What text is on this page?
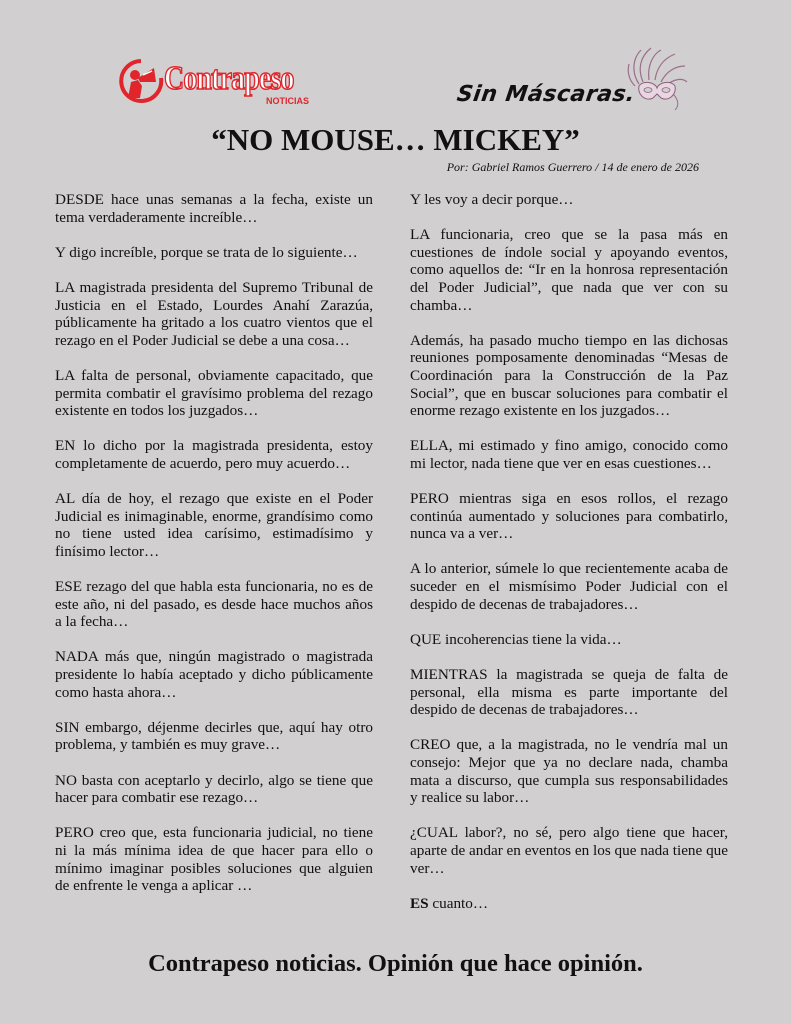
Contrapeso
NOTICIAS	Sin Máscaras.
“NO MOUSE… MICKEY”
Por: Gabriel Ramos Guerrero / 14 de enero de 2026

DESDE hace unas semanas a la fecha, existe un tema verdaderamente increíble…

Y digo increíble, porque se trata de lo siguiente…

LA magistrada presidenta del Supremo Tribunal de Justicia en el Estado, Lourdes Anahí Zarazúa, públicamente ha gritado a los cuatro vientos que el rezago en el Poder Judicial se debe a una cosa…

LA falta de personal, obviamente capacitado, que permita combatir el gravísimo problema del rezago existente en todos los juzgados…

EN lo dicho por la magistrada presidenta, estoy completamente de acuerdo, pero muy acuerdo…

AL día de hoy, el rezago que existe en el Poder Judicial es inimaginable, enorme, grandísimo como no tiene usted idea carísimo, estimadísimo y finísimo lector…

ESE rezago del que habla esta funcionaria, no es de este año, ni del pasado, es desde hace muchos años a la fecha…

NADA más que, ningún magistrado o magistrada presidente lo había aceptado y dicho públicamente como hasta ahora…

SIN embargo, déjenme decirles que, aquí hay otro problema, y también es muy grave…

NO basta con aceptarlo y decirlo, algo se tiene que hacer para combatir ese rezago…

PERO creo que, esta funcionaria judicial, no tiene ni la más mínima idea de que hacer para ello o mínimo imaginar posibles soluciones que alguien de enfrente le venga a aplicar …

Y les voy a decir porque…

LA funcionaria, creo que se la pasa más en cuestiones de índole social y apoyando eventos, como aquellos de: “Ir en la honrosa representación del Poder Judicial”, que nada que ver con su chamba…

Además, ha pasado mucho tiempo en las dichosas reuniones pomposamente denominadas “Mesas de Coordinación para la Construcción de la Paz Social”, que en buscar soluciones para combatir el enorme rezago existente en los juzgados…

ELLA, mi estimado y fino amigo, conocido como mi lector, nada tiene que ver en esas cuestiones…

PERO mientras siga en esos rollos, el rezago continúa aumentado y soluciones para combatirlo, nunca va a ver…

A lo anterior, súmele lo que recientemente acaba de suceder en el mismísimo Poder Judicial con el despido de decenas de trabajadores…

QUE incoherencias tiene la vida…

MIENTRAS la magistrada se queja de falta de personal, ella misma es parte importante del despido de decenas de trabajadores…

CREO que, a la magistrada, no le vendría mal un consejo: Mejor que ya no declare nada, chamba mata a discurso, que cumpla sus responsabilidades y realice su labor…

¿CUAL labor?, no sé, pero algo tiene que hacer, aparte de andar en eventos en los que nada tiene que ver…

ES cuanto…

Contrapeso noticias. Opinión que hace opinión.
